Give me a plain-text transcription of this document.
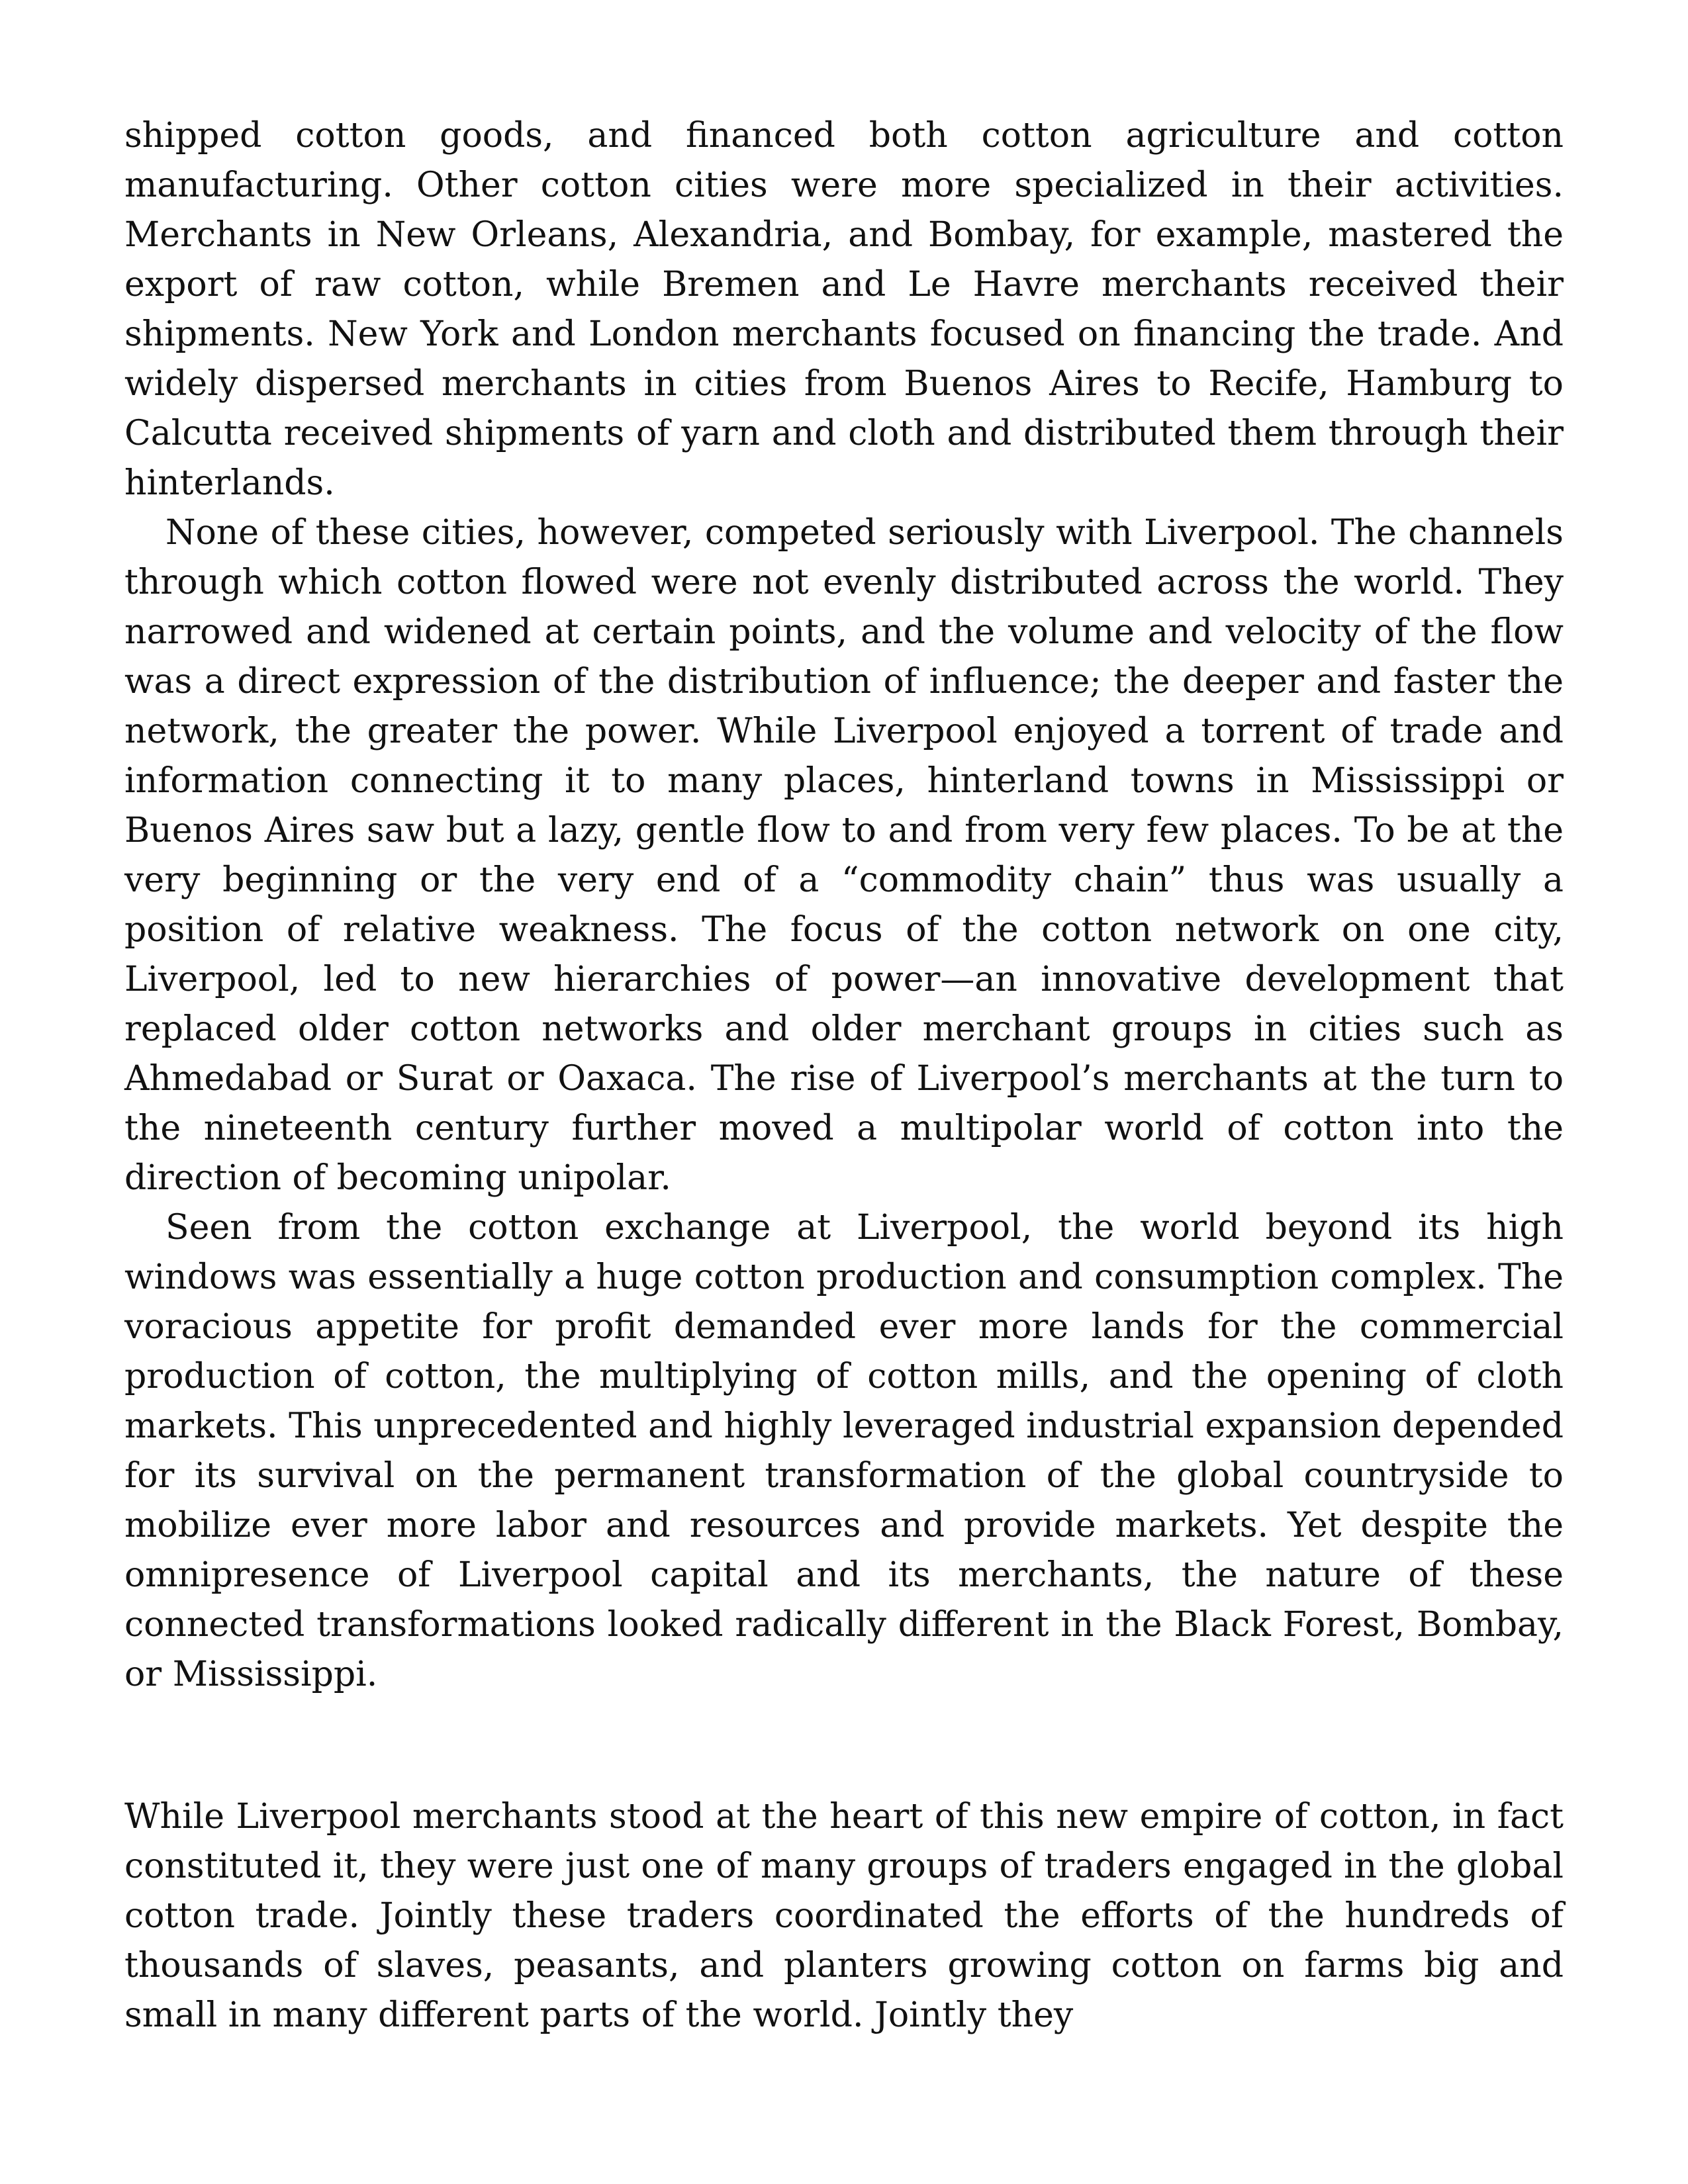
shipped cotton goods, and financed both cotton agriculture and cotton manufacturing. Other cotton cities were more specialized in their activities. Merchants in New Orleans, Alexandria, and Bombay, for example, mastered the export of raw cotton, while Bremen and Le Havre merchants received their shipments. New York and London merchants focused on financing the trade. And widely dispersed merchants in cities from Buenos Aires to Recife, Hamburg to Calcutta received shipments of yarn and cloth and distributed them through their hinterlands.

None of these cities, however, competed seriously with Liverpool. The channels through which cotton flowed were not evenly distributed across the world. They narrowed and widened at certain points, and the volume and velocity of the flow was a direct expression of the distribution of influence; the deeper and faster the network, the greater the power. While Liverpool enjoyed a torrent of trade and information connecting it to many places, hinterland towns in Mississippi or Buenos Aires saw but a lazy, gentle flow to and from very few places. To be at the very beginning or the very end of a “commodity chain” thus was usually a position of relative weakness. The focus of the cotton network on one city, Liverpool, led to new hierarchies of power—an innovative development that replaced older cotton networks and older merchant groups in cities such as Ahmedabad or Surat or Oaxaca. The rise of Liverpool’s merchants at the turn to the nineteenth century further moved a multipolar world of cotton into the direction of becoming unipolar.

Seen from the cotton exchange at Liverpool, the world beyond its high windows was essentially a huge cotton production and consumption complex. The voracious appetite for profit demanded ever more lands for the commercial production of cotton, the multiplying of cotton mills, and the opening of cloth markets. This unprecedented and highly leveraged industrial expansion depended for its survival on the permanent transformation of the global countryside to mobilize ever more labor and resources and provide markets. Yet despite the omnipresence of Liverpool capital and its merchants, the nature of these connected transformations looked radically different in the Black Forest, Bombay, or Mississippi.

While Liverpool merchants stood at the heart of this new empire of cotton, in fact constituted it, they were just one of many groups of traders engaged in the global cotton trade. Jointly these traders coordinated the efforts of the hundreds of thousands of slaves, peasants, and planters growing cotton on farms big and small in many different parts of the world. Jointly they
